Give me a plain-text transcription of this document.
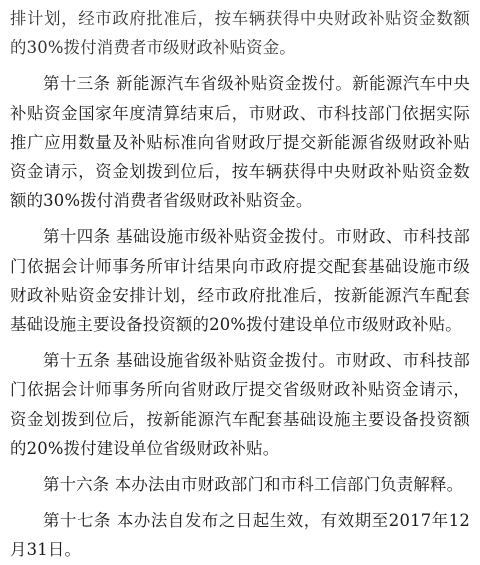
排计划，经市政府批准后，按车辆获得中央财政补贴资金数额的30%拨付消费者市级财政补贴资金。

第十三条 新能源汽车省级补贴资金拨付。新能源汽车中央补贴资金国家年度清算结束后，市财政、市科技部门依据实际推广应用数量及补贴标准向省财政厅提交新能源省级财政补贴资金请示，资金划拨到位后，按车辆获得中央财政补贴资金数额的30%拨付消费者省级财政补贴资金。

第十四条 基础设施市级补贴资金拨付。市财政、市科技部门依据会计师事务所审计结果向市政府提交配套基础设施市级财政补贴资金安排计划，经市政府批准后，按新能源汽车配套基础设施主要设备投资额的20%拨付建设单位市级财政补贴。

第十五条 基础设施省级补贴资金拨付。市财政、市科技部门依据会计师事务所向省财政厅提交省级财政补贴资金请示，资金划拨到位后，按新能源汽车配套基础设施主要设备投资额的20%拨付建设单位省级财政补贴。

第十六条 本办法由市财政部门和市科工信部门负责解释。

第十七条 本办法自发布之日起生效，有效期至2017年12月31日。
